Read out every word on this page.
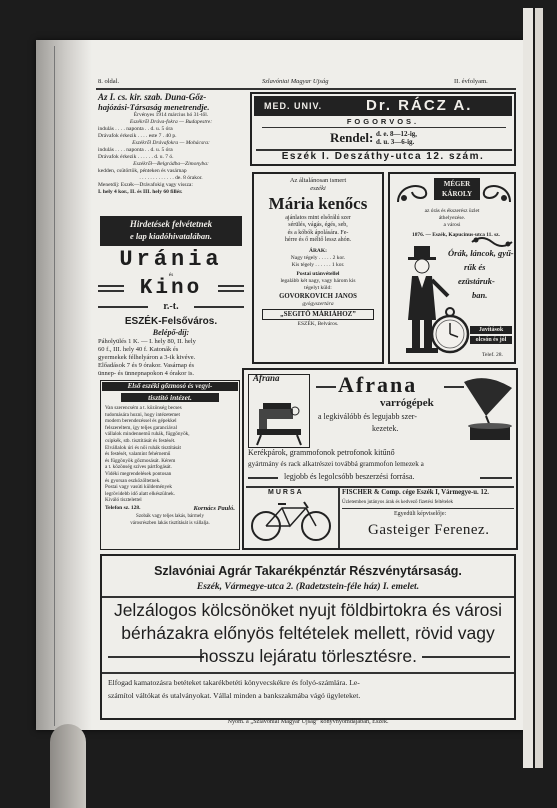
8. oldal.	Szlavóniai Magyar Ujság	II. évfolyam.
Az I. cs. kir. szab. Duna-Gőz-
hajózási-Társaság menetrendje.
Érvényes 1914 március hó 31-től.
Eszékről Dráva-fokra — Budapestre:
indulás . . . . naponta . . d. u. 5 óra
Drávafok érkezik . . . . este 7 . 40 p.
Eszékről Drávafokra — Mohácsra:
indulás . . . . naponta . . d. u. 5 óra
Drávafok érkezik . . . . . . d. u. 7 ó.
Eszékről—Belgrádba—Zimonyba:
kedden, csütörtök, pénteken és vasárnap
. . . . . . . . . . . . . de. 8 órakor.
Menetdíj: Eszék—Drávafokig vagy vissza:
I. hely 4 kor., II. és III. hely 60 fillér.
Hirdetések felvétetnek
e lap kiadóhivatalában.
Uránia
és
Kino
r.-t.
ESZÉK-Felsőváros.
Belépő-díj:
Páholyülés 1 K. — I. hely 80, II. hely
60 f., III. hely 40 f. Katonák és
gyermekek félhelyáron a 3-ik kivéve.
Előadások 7 és 9 órakor. Vasárnap és
ünnep- és ünnepnapokon 4 órakor is.
Első eszéki gőzmosó és vegyi-
tisztító intézet.
Van szerencsém a t. közönség becses
tudomására hozni, hogy intézetemet
modern berendezéssel és gépekkel
felszereltem, így teljes garanciával
vállalok mindennemű ruhák, függönyök,
csipkék, stb. tisztítását és festését.
Elvállalok úri és női ruhák tisztítását
és festését, valamint fehérnemű
és függönyök gőzmosását. Kérem
a t. közönség szíves pártfogását.
Vidéki megrendelések pontosan
és gyorsan eszközöltetnek.
Postai vagy vasúti küldemények
legrövidebb idő alatt elkészülnek.
Kiváló tisztelettel
Telefon sz. 128.	Kornács Pauló.
Szobák vagy teljes lakás, bármely
városrészben lakás tisztítását is vállalja.
MED. UNIV.	Dr. RÁCZ A.
FOGORVOS.
Rendel: d. e. 8—12-ig,
d. u. 3—6-ig.
Eszék I. Deszáthy-utca 12. szám.
Az általánosan ismert
eszéki
Mária kenőcs
ajánlatos mint elsőrálú szer
sérülés, vágás, égés, seb,
és a kóbók ápolására. Fe-
hérre és ő méltő lessz ahón.
ÁRAK:
Nagy tégely . . . . . 2 kor.
Kis tégely . . . . . . 1 kor.
Postai utánvétellel
legalább két nagy, vagy három kis
tégelyt küld:
GOVORKOVICH JANOS
gyógyszertára
„SEGITŐ MÁRIÁHOZ”
ESZÉK, Belváros.
MÉGER
KÁROLY
az órás és ékszerész üzlet
áthelyezése.
a városi
1876. — Eszék, Kapucinus-utca 11. sz.
Órák, láncok, gyű-
rűk és
ezüstáruk-
ban.
Javítások
olcsón és jól
Telef. 28.
Afrana	Afrana
varrógépek
a legkiválóbb és legujabb szer-
kezetek.
Kerékpárok, grammofonok petrofonok kitűnő
gyártmány és rack alkatrészei továbbá grammofon lemezek a
legjobb és legolcsóbb beszerzési forrása.
MURSA	FISCHER & Comp. cége Eszék I, Vármegye-u. 12.
Üzletemben jutányos árak és kedvező fizetési feltételek
Egyedüli képviselője:
Gasteiger Ferenez.
Szlavóniai Agrár Takarékpénztár Részvénytársaság.
Eszék, Vármegye-utca 2. (Radetzstein-féle ház) I. emelet.
Jelzálogos kölcsönöket nyujt földbirtokra és városi
bérházakra előnyös feltételek mellett, rövid vagy
hosszu lejáratu törlesztésre.
Elfogad kamatozásra betéteket takarékbetéti könyvecskékre és folyó-számlára. Le-
számítol váltókat és utalványokat. Vállal minden a bankszakmába vágó ügyleteket.
Nyom. a „Szlavóniai Magyar Ujság” könyvnyomdájában, Eszék.
